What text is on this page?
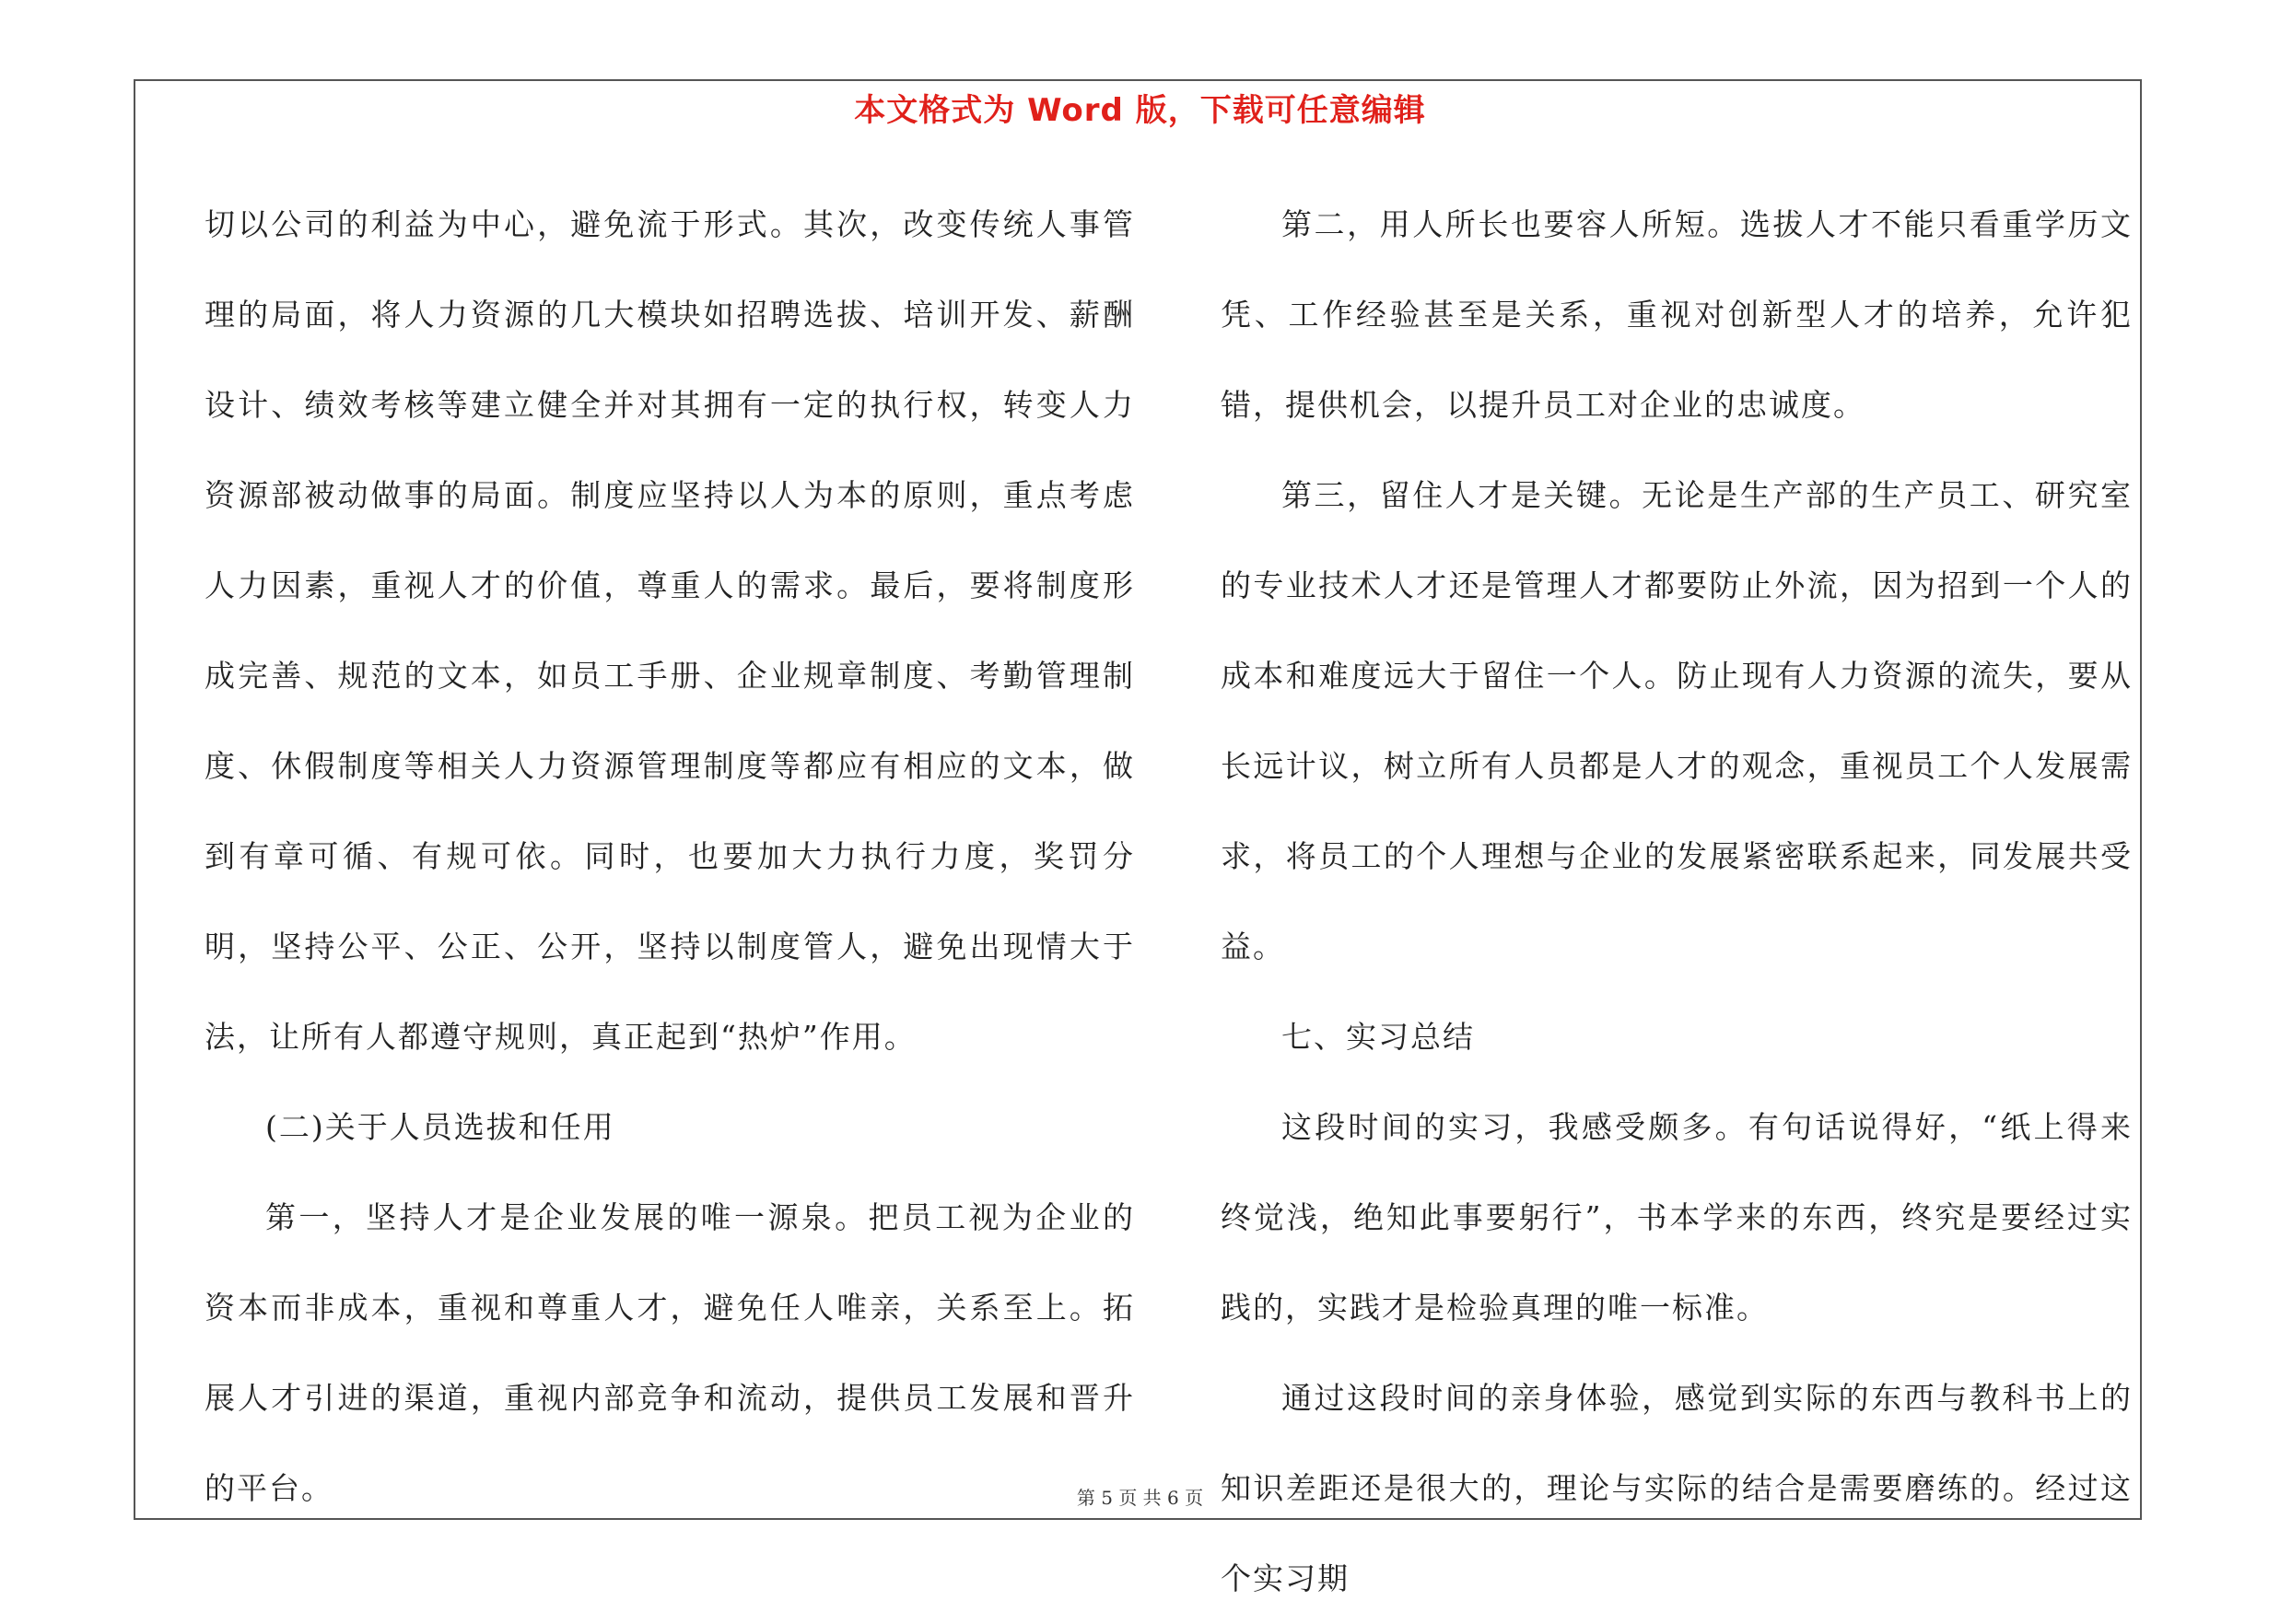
本文格式为 Word 版，下载可任意编辑

切以公司的利益为中心，避免流于形式。其次，改变传统人事管理的局面，将人力资源的几大模块如招聘选拔、培训开发、薪酬设计、绩效考核等建立健全并对其拥有一定的执行权，转变人力资源部被动做事的局面。制度应坚持以人为本的原则，重点考虑人力因素，重视人才的价值，尊重人的需求。最后，要将制度形成完善、规范的文本，如员工手册、企业规章制度、考勤管理制度、休假制度等相关人力资源管理制度等都应有相应的文本，做到有章可循、有规可依。同时，也要加大力执行力度，奖罚分明，坚持公平、公正、公开，坚持以制度管人，避免出现情大于法，让所有人都遵守规则，真正起到“热炉”作用。

(二)关于人员选拔和任用

第一，坚持人才是企业发展的唯一源泉。把员工视为企业的资本而非成本，重视和尊重人才，避免任人唯亲，关系至上。拓展人才引进的渠道，重视内部竞争和流动，提供员工发展和晋升的平台。

第二，用人所长也要容人所短。选拔人才不能只看重学历文凭、工作经验甚至是关系，重视对创新型人才的培养，允许犯错，提供机会，以提升员工对企业的忠诚度。

第三，留住人才是关键。无论是生产部的生产员工、研究室的专业技术人才还是管理人才都要防止外流，因为招到一个人的成本和难度远大于留住一个人。防止现有人力资源的流失，要从长远计议，树立所有人员都是人才的观念，重视员工个人发展需求，将员工的个人理想与企业的发展紧密联系起来，同发展共受益。

七、实习总结

这段时间的实习，我感受颇多。有句话说得好，“纸上得来终觉浅，绝知此事要躬行”，书本学来的东西，终究是要经过实践的，实践才是检验真理的唯一标准。

通过这段时间的亲身体验，感觉到实际的东西与教科书上的知识差距还是很大的，理论与实际的结合是需要磨练的。经过这个实习期

第 5 页 共 6 页
